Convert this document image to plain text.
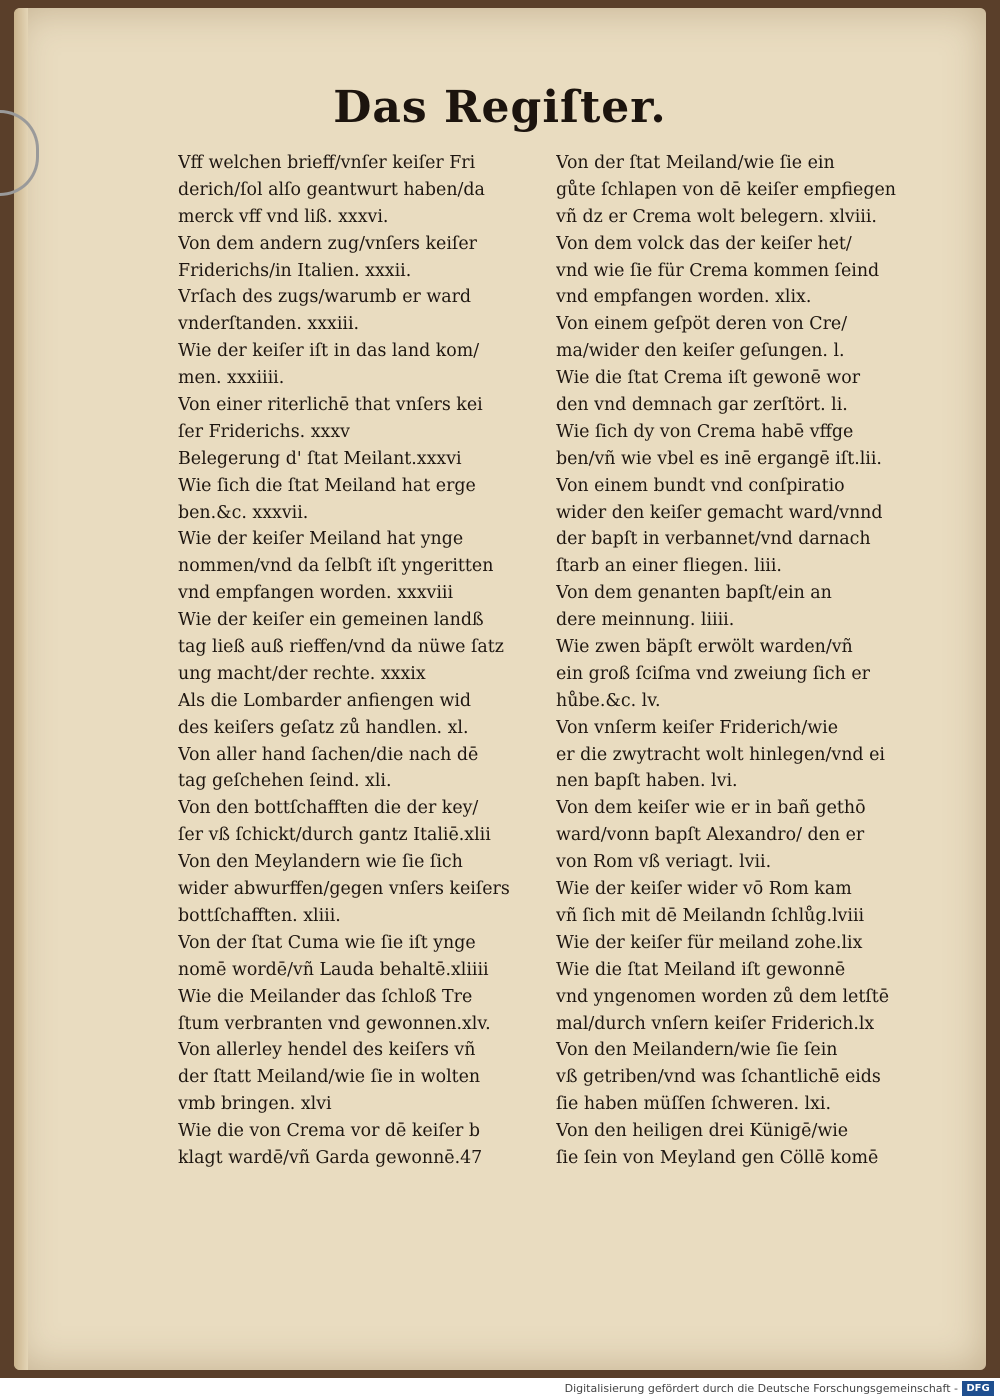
Das Regiſter.
Vff welchen brieff/vnſer keiſer Fri
derich/ſol alſo geantwurt haben/da
merck vff vnd liß. xxxvi.
Von dem andern zug/vnſers keiſer
Friderichs/in Italien. xxxii.
Vrſach des zugs/warumb er ward
vnderſtanden. xxxiii.
Wie der keiſer iſt in das land kom/
men. xxxiiii.
Von einer riterlichē that vnſers kei
ſer Friderichs. xxxv
Belegerung d' ſtat Meilant.xxxvi
Wie ſich die ſtat Meiland hat erge
ben.&c. xxxvii.
Wie der keiſer Meiland hat ynge
nommen/vnd da ſelbſt iſt yngeritten
vnd empfangen worden. xxxviii
Wie der keiſer ein gemeinen landß
tag ließ auß rieffen/vnd da nüwe ſatz
ung macht/der rechte. xxxix
Als die Lombarder anfiengen wid
des keiſers geſatz zů handlen. xl.
Von aller hand ſachen/die nach dē
tag geſchehen ſeind. xli.
Von den bottſchafften die der key/
ſer vß ſchickt/durch gantz Italiē.xlii
Von den Meylandern wie ſie ſich
wider abwurffen/gegen vnſers keiſers
bottſchafften. xliii.
Von der ſtat Cuma wie ſie iſt ynge
nomē wordē/vñ Lauda behaltē.xliiii
Wie die Meilander das ſchloß Tre
ſtum verbranten vnd gewonnen.xlv.
Von allerley hendel des keiſers vñ
der ſtatt Meiland/wie ſie in wolten
vmb bringen. xlvi
Wie die von Crema vor dē keiſer b
klagt wardē/vñ Garda gewonnē.47
Von der ſtat Meiland/wie ſie ein
gůte ſchlapen von dē keiſer empfiegen
vñ dz er Crema wolt belegern. xlviii.
Von dem volck das der keiſer het/
vnd wie ſie für Crema kommen ſeind
vnd empfangen worden. xlix.
Von einem geſpöt deren von Cre/
ma/wider den keiſer geſungen. l.
Wie die ſtat Crema iſt gewonē wor
den vnd demnach gar zerſtört. li.
Wie ſich dy von Crema habē vffge
ben/vñ wie vbel es inē ergangē iſt.lii.
Von einem bundt vnd conſpiratio
wider den keiſer gemacht ward/vnnd
der bapſt in verbannet/vnd darnach
ſtarb an einer fliegen. liii.
Von dem genanten bapſt/ein an
dere meinnung. liiii.
Wie zwen bäpſt erwölt warden/vñ
ein groß ſciſma vnd zweiung ſich er
hůbe.&c. lv.
Von vnſerm keiſer Friderich/wie
er die zwytracht wolt hinlegen/vnd ei
nen bapſt haben. lvi.
Von dem keiſer wie er in bañ gethō
ward/vonn bapſt Alexandro/ den er
von Rom vß veriagt. lvii.
Wie der keiſer wider vō Rom kam
vñ ſich mit dē Meilandn ſchlůg.lviii
Wie der keiſer für meiland zohe.lix
Wie die ſtat Meiland iſt gewonnē
vnd yngenomen worden zů dem letſtē
mal/durch vnſern keiſer Friderich.lx
Von den Meilandern/wie ſie ſein
vß getriben/vnd was ſchantlichē eids
ſie haben müſſen ſchweren. lxi.
Von den heiligen drei Künigē/wie
ſie ſein von Meyland gen Cöllē komē
Digitalisierung gefördert durch die Deutsche Forschungsgemeinschaft - DFG
